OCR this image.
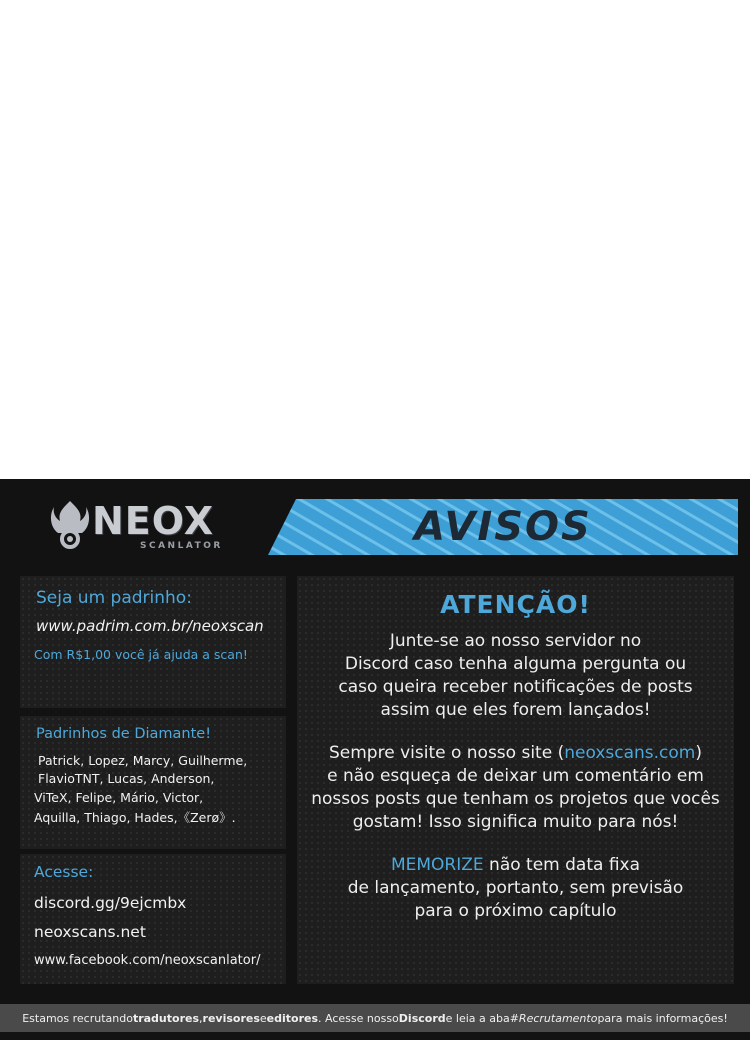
NEOX
SCANLATOR	AVISOS
Seja um padrinho:
www.padrim.com.br/neoxscan
Com R$1,00 você já ajuda a scan!
Padrinhos de Diamante!
Patrick, Lopez, Marcy, Guilherme,
FlavioTNT, Lucas, Anderson,
ViTeX, Felipe, Mário, Victor,
Aquilla, Thiago, Hades,《Zerø》.
Acesse:
discord.gg/9ejcmbx
neoxscans.net
www.facebook.com/neoxscanlator/
ATENÇÃO!
Junte-se ao nosso servidor no
Discord caso tenha alguma pergunta ou
caso queira receber notificações de posts
assim que eles forem lançados!
Sempre visite o nosso site (neoxscans.com)
e não esqueça de deixar um comentário em
nossos posts que tenham os projetos que vocês
gostam! Isso significa muito para nós!
MEMORIZE não tem data fixa
de lançamento, portanto, sem previsão
para o próximo capítulo
Estamos recrutando tradutores , revisores e editores . Acesse nosso Discord e leia a aba #Recrutamento para mais informações!
